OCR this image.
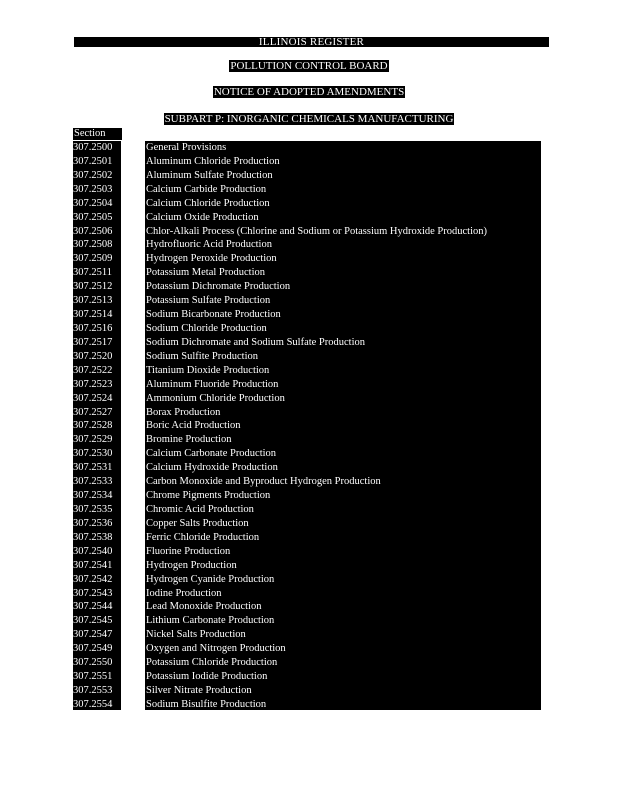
ILLINOIS REGISTER
POLLUTION CONTROL BOARD
NOTICE OF ADOPTED AMENDMENTS
SUBPART P: INORGANIC CHEMICALS MANUFACTURING
Section
307.2500	General Provisions
307.2501	Aluminum Chloride Production
307.2502	Aluminum Sulfate Production
307.2503	Calcium Carbide Production
307.2504	Calcium Chloride Production
307.2505	Calcium Oxide Production
307.2506	Chlor-Alkali Process (Chlorine and Sodium or Potassium Hydroxide Production)
307.2508	Hydrofluoric Acid Production
307.2509	Hydrogen Peroxide Production
307.2511	Potassium Metal Production
307.2512	Potassium Dichromate Production
307.2513	Potassium Sulfate Production
307.2514	Sodium Bicarbonate Production
307.2516	Sodium Chloride Production
307.2517	Sodium Dichromate and Sodium Sulfate Production
307.2520	Sodium Sulfite Production
307.2522	Titanium Dioxide Production
307.2523	Aluminum Fluoride Production
307.2524	Ammonium Chloride Production
307.2527	Borax Production
307.2528	Boric Acid Production
307.2529	Bromine Production
307.2530	Calcium Carbonate Production
307.2531	Calcium Hydroxide Production
307.2533	Carbon Monoxide and Byproduct Hydrogen Production
307.2534	Chrome Pigments Production
307.2535	Chromic Acid Production
307.2536	Copper Salts Production
307.2538	Ferric Chloride Production
307.2540	Fluorine Production
307.2541	Hydrogen Production
307.2542	Hydrogen Cyanide Production
307.2543	Iodine Production
307.2544	Lead Monoxide Production
307.2545	Lithium Carbonate Production
307.2547	Nickel Salts Production
307.2549	Oxygen and Nitrogen Production
307.2550	Potassium Chloride Production
307.2551	Potassium Iodide Production
307.2553	Silver Nitrate Production
307.2554	Sodium Bisulfite Production
